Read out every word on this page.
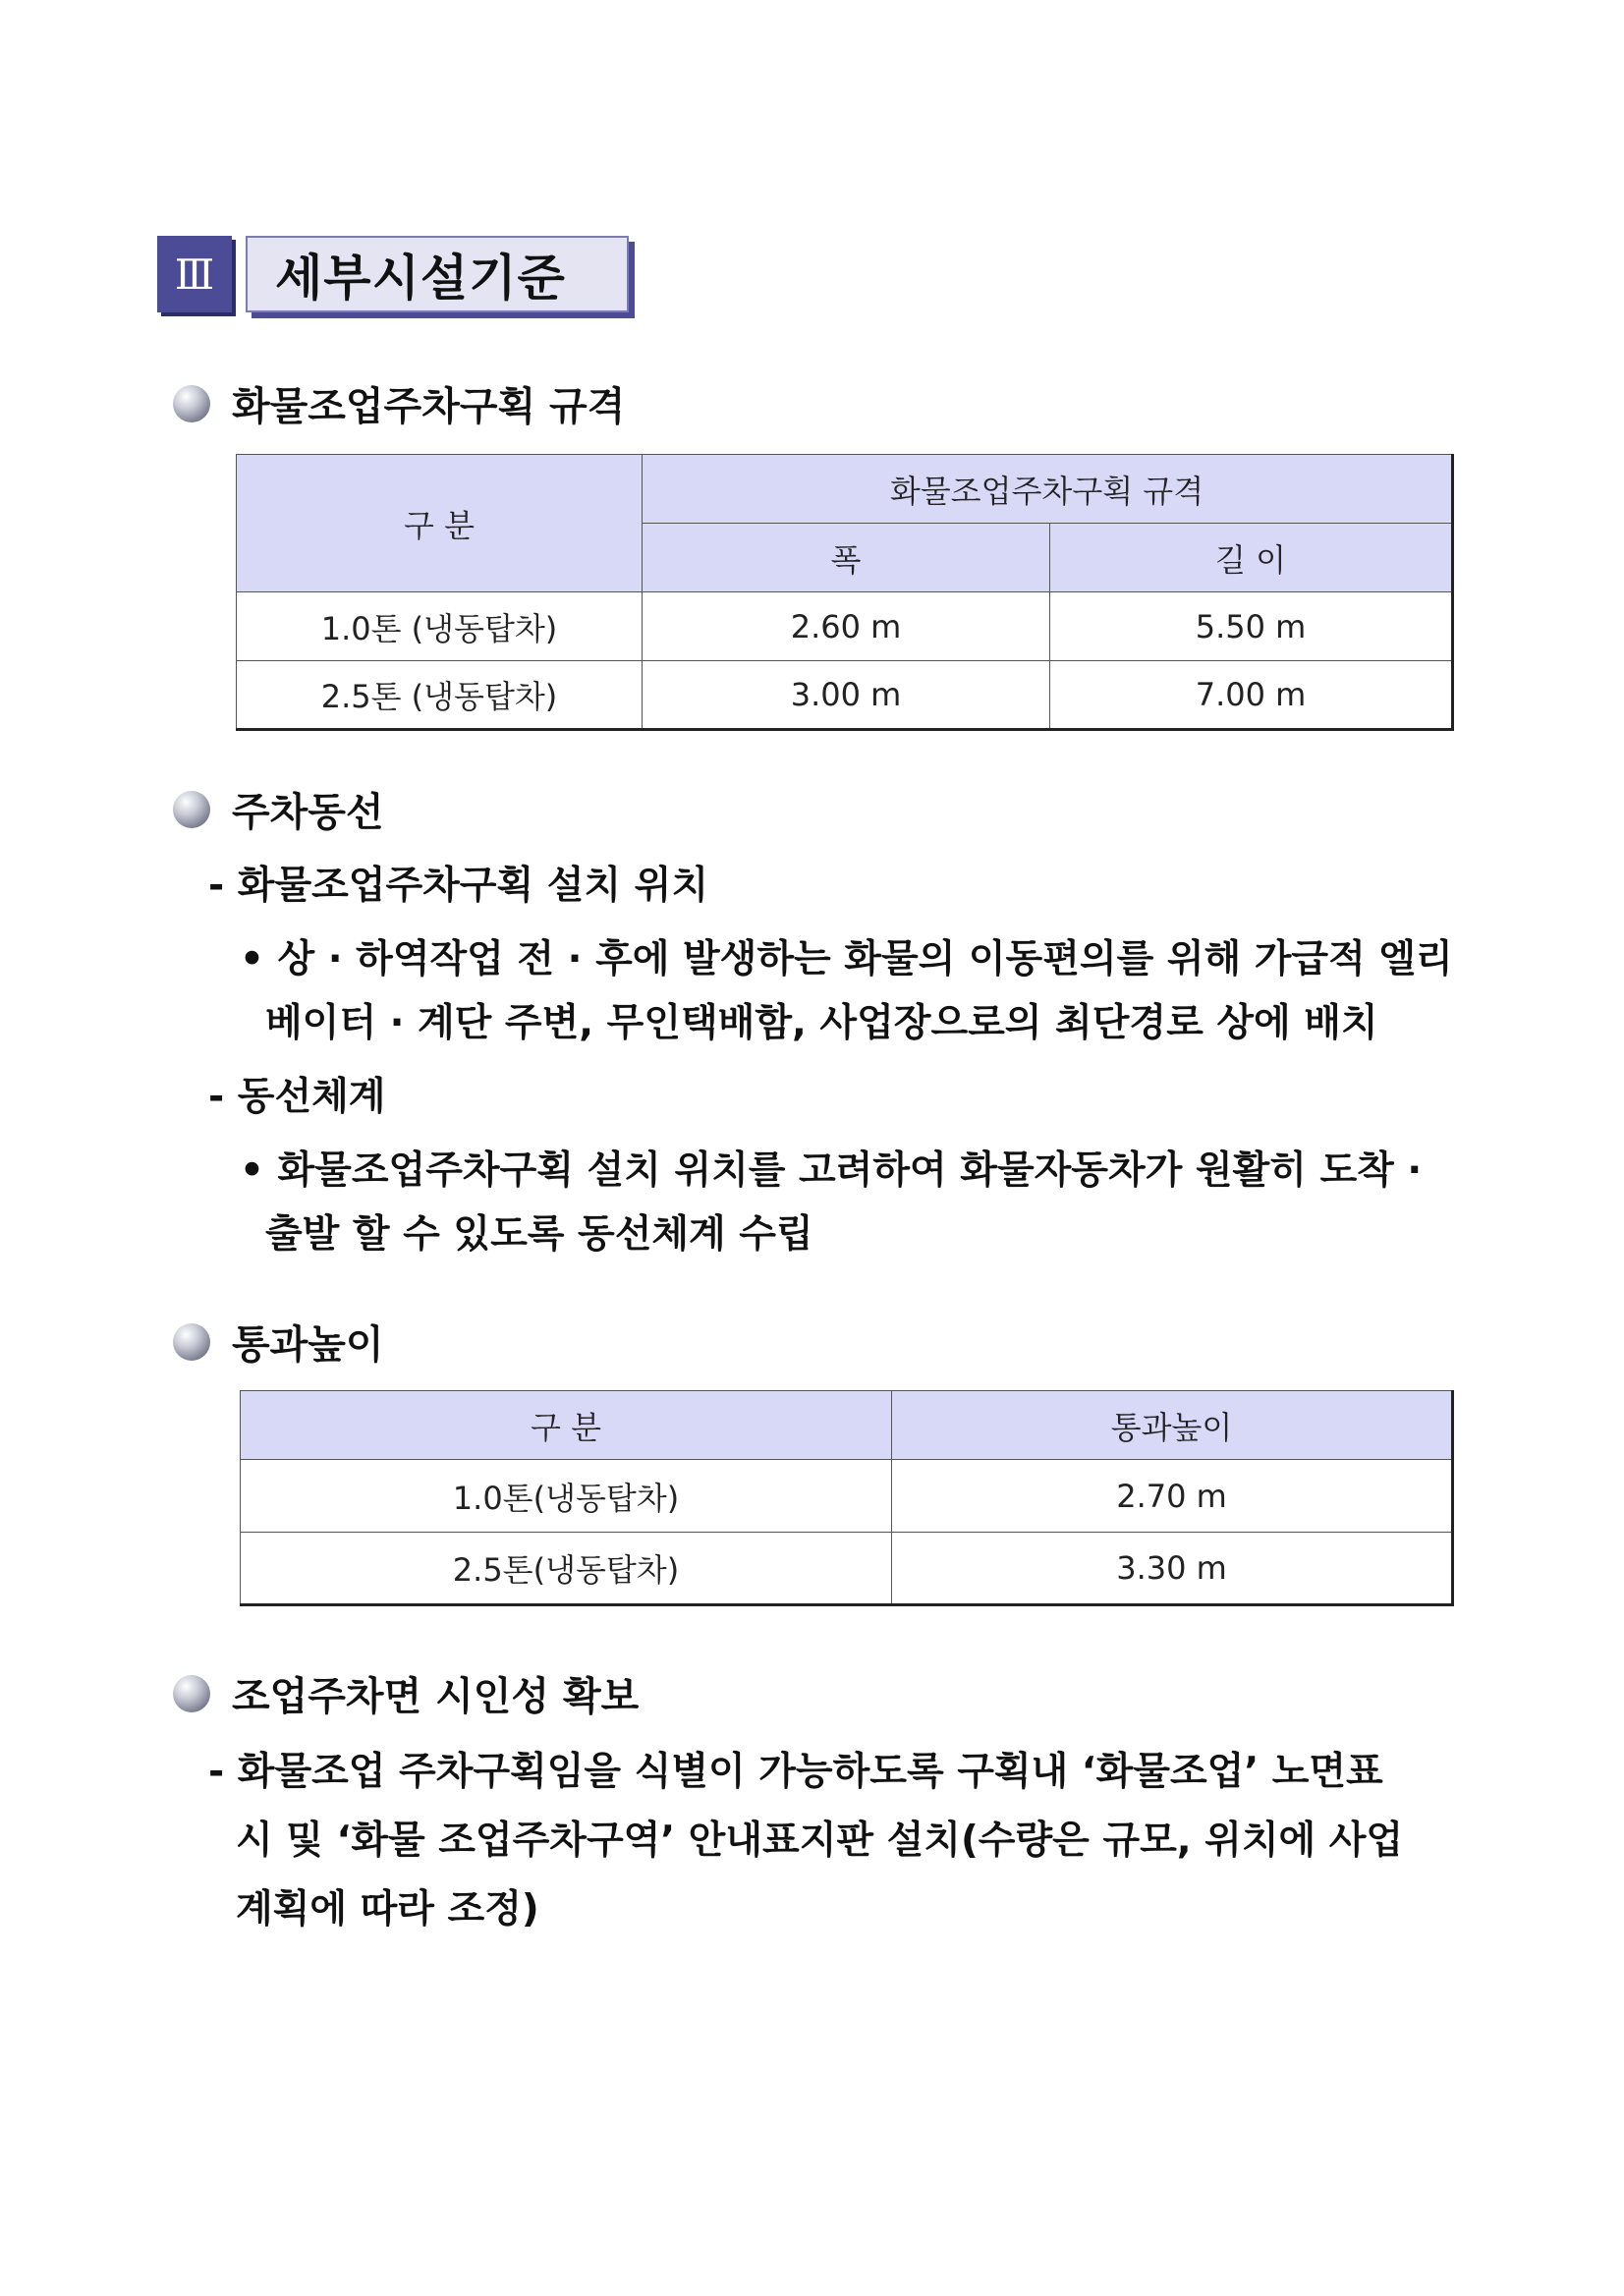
Ⅲ	세부시설기준
화물조업주차구획 규격
구 분	화물조업주차구획 규격	
	폭	길 이
1.0톤 (냉동탑차)	2.60 m	5.50 m
2.5톤 (냉동탑차)	3.00 m	7.00 m
주차동선
- 화물조업주차구획 설치 위치
• 상 · 하역작업 전 · 후에 발생하는 화물의 이동편의를 위해 가급적 엘리
베이터 · 계단 주변, 무인택배함, 사업장으로의 최단경로 상에 배치
- 동선체계
• 화물조업주차구획 설치 위치를 고려하여 화물자동차가 원활히 도착 ·
출발 할 수 있도록 동선체계 수립
통과높이
구 분	통과높이
1.0톤(냉동탑차)	2.70 m
2.5톤(냉동탑차)	3.30 m
조업주차면 시인성 확보
- 화물조업 주차구획임을 식별이 가능하도록 구획내 ‘화물조업’ 노면표
시 및 ‘화물 조업주차구역’ 안내표지판 설치(수량은 규모, 위치에 사업
계획에 따라 조정)
